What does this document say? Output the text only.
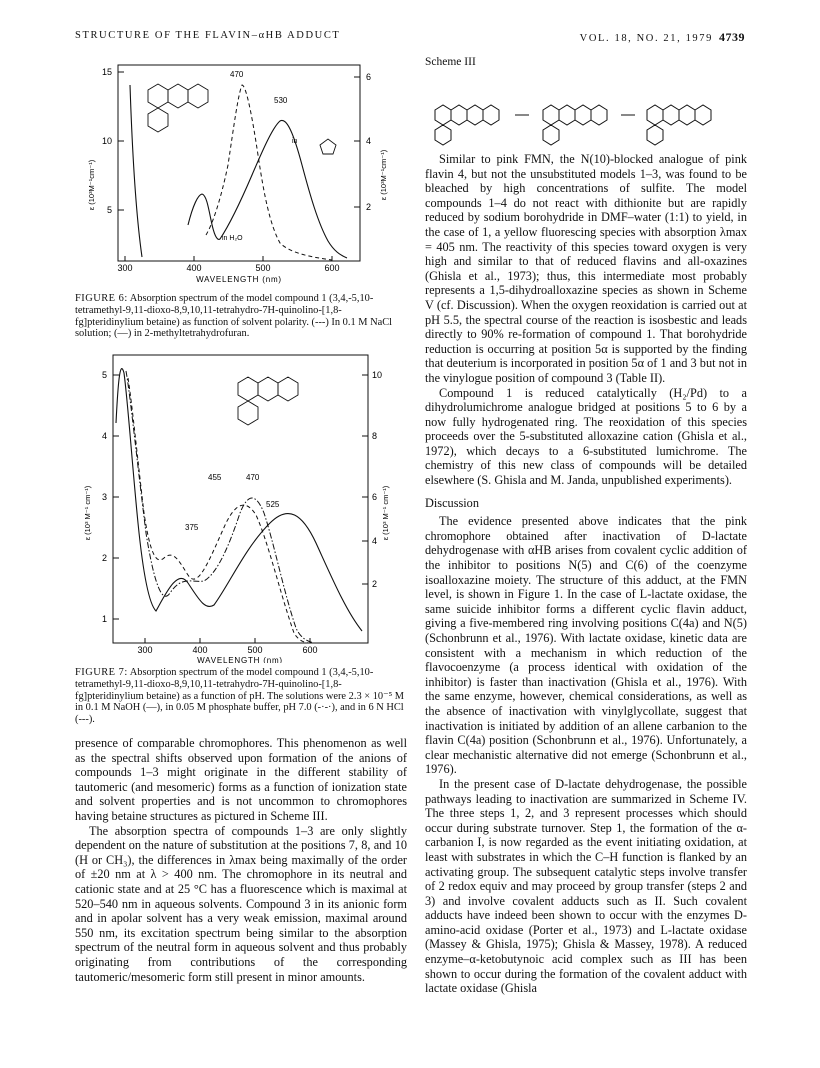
STRUCTURE OF THE FLAVIN–αHB ADDUCT	VOL. 18, NO. 21, 1979 4739
15
10
5
6
4
2
300	400	500	600
WAVELENGTH (nm)
ε (10³M⁻¹cm⁻¹)	ε (10³M⁻¹cm⁻¹)
470
530
in H₂O
in
FIGURE 6: Absorption spectrum of the model compound 1 (3,4,-5,10-tetramethyl-9,11-dioxo-8,9,10,11-tetrahydro-7H-quinolino-[1,8-fg]pteridinylium betaine) as function of solvent polarity. (---) In 0.1 M NaCl solution; (—) in 2-methyltetrahydrofuran.
5
4
3
2
1
10
8
6
4
2
300	400	500	600
WAVELENGTH (nm)
ε (10³ M⁻¹ cm⁻¹)	ε (10³ M⁻¹ cm⁻¹)
455	470
525
375
FIGURE 7: Absorption spectrum of the model compound 1 (3,4,-5,10-tetramethyl-9,11-dioxo-8,9,10,11-tetrahydro-7H-quinolino-[1,8-fg]pteridinylium betaine) as a function of pH. The solutions were 2.3 × 10⁻⁵ M in 0.1 M NaOH (—), in 0.05 M phosphate buffer, pH 7.0 (-·-·), and in 6 N HCl (---).

presence of comparable chromophores. This phenomenon as well as the spectral shifts observed upon formation of the anions of compounds 1–3 might originate in the different stability of tautomeric (and mesomeric) forms as a function of ionization state and solvent properties and is not uncommon to chromophores having betaine structures as pictured in Scheme III.

The absorption spectra of compounds 1–3 are only slightly dependent on the nature of substitution at the positions 7, 8, and 10 (H or CH₃), the differences in λmax being maximally of the order of ±20 nm at λ > 400 nm. The chromophore in its neutral and cationic state and at 25 °C has a fluorescence which is maximal at 520–540 nm in aqueous solvents. Compound 3 in its anionic form and in apolar solvent has a very weak emission, maximal around 550 nm, its excitation spectrum being similar to the absorption spectrum of the neutral form in aqueous solvent and thus probably originating from contributions of the corresponding tautomeric/mesomeric form still present in minor amounts.

Scheme III

Similar to pink FMN, the N(10)-blocked analogue of pink flavin 4, but not the unsubstituted models 1–3, was found to be bleached by high concentrations of sulfite. The model compounds 1–4 do not react with dithionite but are rapidly reduced by sodium borohydride in DMF–water (1:1) to yield, in the case of 1, a yellow fluorescing species with absorption λmax = 405 nm. The reactivity of this species toward oxygen is very high and similar to that of reduced flavins and all-oxazines (Ghisla et al., 1973); thus, this intermediate most probably represents a 1,5-dihydroalloxazine species as shown in Scheme V (cf. Discussion). When the oxygen reoxidation is carried out at pH 5.5, the spectral course of the reaction is isosbestic and leads directly to 90% re-formation of compound 1. That borohydride reduction is occurring at position 5α is supported by the finding that deuterium is incorporated in position 5α of 1 and 3 but not in the vinylogue position of compound 3 (Table II).

Compound 1 is reduced catalytically (H₂/Pd) to a dihydrolumichrome analogue bridged at positions 5 to 6 by a now fully hydrogenated ring. The reoxidation of this species proceeds over the 5-substituted alloxazine cation (Ghisla et al., 1972), which decays to a 6-substituted lumichrome. The chemistry of this new class of compounds will be detailed elsewhere (S. Ghisla and M. Janda, unpublished experiments).

Discussion

The evidence presented above indicates that the pink chromophore obtained after inactivation of D-lactate dehydrogenase with αHB arises from covalent cyclic addition of the inhibitor to positions N(5) and C(6) of the coenzyme isoalloxazine moiety. The structure of this adduct, at the FMN level, is shown in Figure 1. In the case of L-lactate oxidase, the same suicide inhibitor forms a different cyclic flavin adduct, giving a five-membered ring involving positions C(4a) and N(5) (Schonbrunn et al., 1976). With lactate oxidase, kinetic data are consistent with a mechanism in which reduction of the flavocoenzyme (a process identical with oxidation of the inhibitor) is faster than inactivation (Ghisla et al., 1976). With the same enzyme, however, chemical considerations, as well as the absence of inactivation with vinylglycollate, suggest that inactivation is initiated by addition of an allene carbanion to the flavin C(4a) position (Schonbrunn et al., 1976). Unfortunately, a clear mechanistic alternative did not emerge (Schonbrunn et al., 1976).

In the present case of D-lactate dehydrogenase, the possible pathways leading to inactivation are summarized in Scheme IV. The three steps 1, 2, and 3 represent processes which should occur during substrate turnover. Step 1, the formation of the α-carbanion I, is now regarded as the event initiating oxidation, at least with substrates in which the C–H function is flanked by an activating group. The subsequent catalytic steps involve transfer of 2 redox equiv and may proceed by group transfer (steps 2 and 3) and involve covalent adducts such as II. Such covalent adducts have indeed been shown to occur with the enzymes D-amino-acid oxidase (Porter et al., 1973) and L-lactate oxidase (Massey & Ghisla, 1975); Ghisla & Massey, 1978). A reduced enzyme–α-ketobutynoic acid complex such as III has been shown to occur during the formation of the covalent adduct with lactate oxidase (Ghisla
